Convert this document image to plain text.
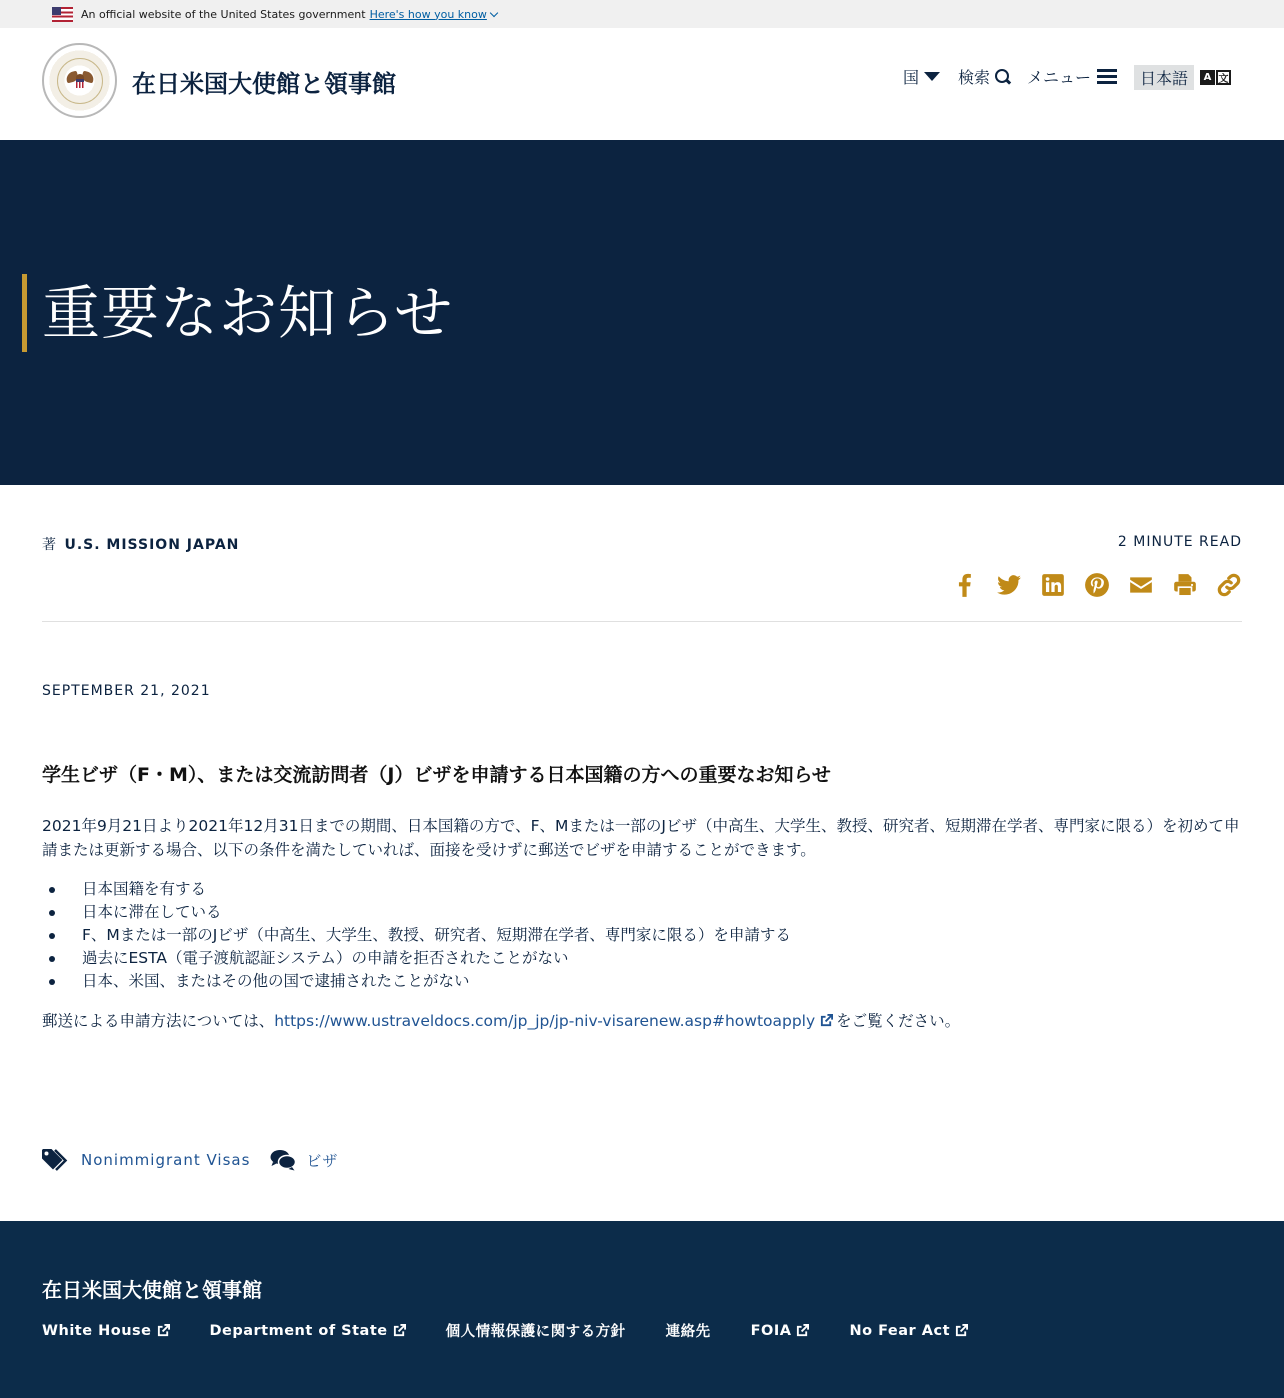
An official website of the United States government Here's how you know
在日米国大使館と領事館	国 検索 メニュー	日本語	A 文
重要なお知らせ
著 U.S. MISSION JAPAN	2 MINUTE READ
SEPTEMBER 21, 2021
学生ビザ（F・M）、または交流訪問者（J）ビザを申請する日本国籍の方への重要なお知らせ

2021年9月21日より2021年12月31日までの期間、日本国籍の方で、F、Mまたは一部のJビザ（中高生、大学生、教授、研究者、短期滞在学者、専門家に限る）を初めて申請または更新する場合、以下の条件を満たしていれば、面接を受けずに郵送でビザを申請することができます。

日本国籍を有する
日本に滞在している
F、Mまたは一部のJビザ（中高生、大学生、教授、研究者、短期滞在学者、専門家に限る）を申請する
過去にESTA（電子渡航認証システム）の申請を拒否されたことがない
日本、米国、またはその他の国で逮捕されたことがない

郵送による申請方法については、https://www.ustraveldocs.com/jp_jp/jp-niv-visarenew.asp#howtoapply をご覧ください。

Nonimmigrant Visas	ビザ
在日米国大使館と領事館
White House	Department of State	個人情報保護に関する方針	連絡先	FOIA	No Fear Act
